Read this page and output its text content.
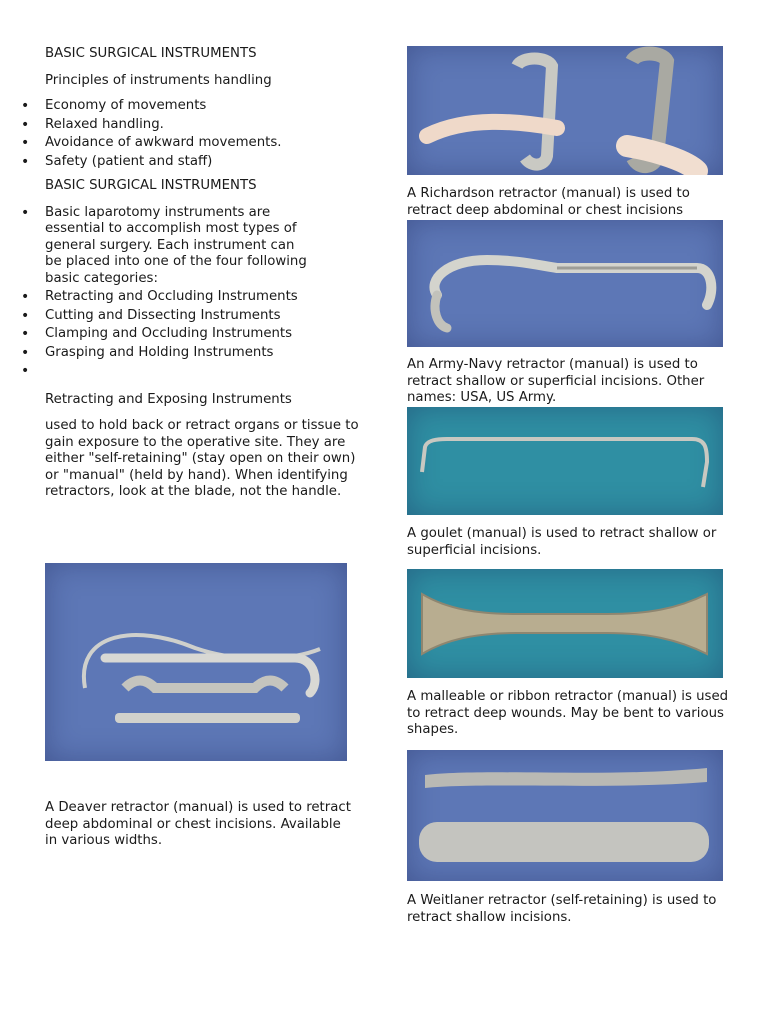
BASIC SURGICAL INSTRUMENTS

Principles of instruments handling

• Economy of movements
• Relaxed handling.
• Avoidance of awkward movements.
• Safety (patient and staff)

BASIC SURGICAL INSTRUMENTS

• Basic laparotomy instruments are essential to accomplish most types of general surgery. Each instrument can be placed into one of the four following basic categories:
• Retracting and Occluding Instruments
• Cutting and Dissecting Instruments
• Clamping and Occluding Instruments
• Grasping and Holding Instruments
•

Retracting and Exposing Instruments

used to hold back or retract organs or tissue to gain exposure to the operative site. They are either "self-retaining" (stay open on their own) or "manual" (held by hand). When identifying retractors, look at the blade, not the handle.

A Deaver retractor (manual) is used to retract deep abdominal or chest incisions. Available in various widths.

A Richardson retractor (manual) is used to retract deep abdominal or chest incisions

An Army-Navy retractor (manual) is used to retract shallow or superficial incisions. Other names: USA, US Army.

A goulet (manual) is used to retract shallow or superficial incisions.

A malleable or ribbon retractor (manual) is used to retract deep wounds. May be bent to various shapes.

A Weitlaner retractor (self-retaining) is used to retract shallow incisions.
